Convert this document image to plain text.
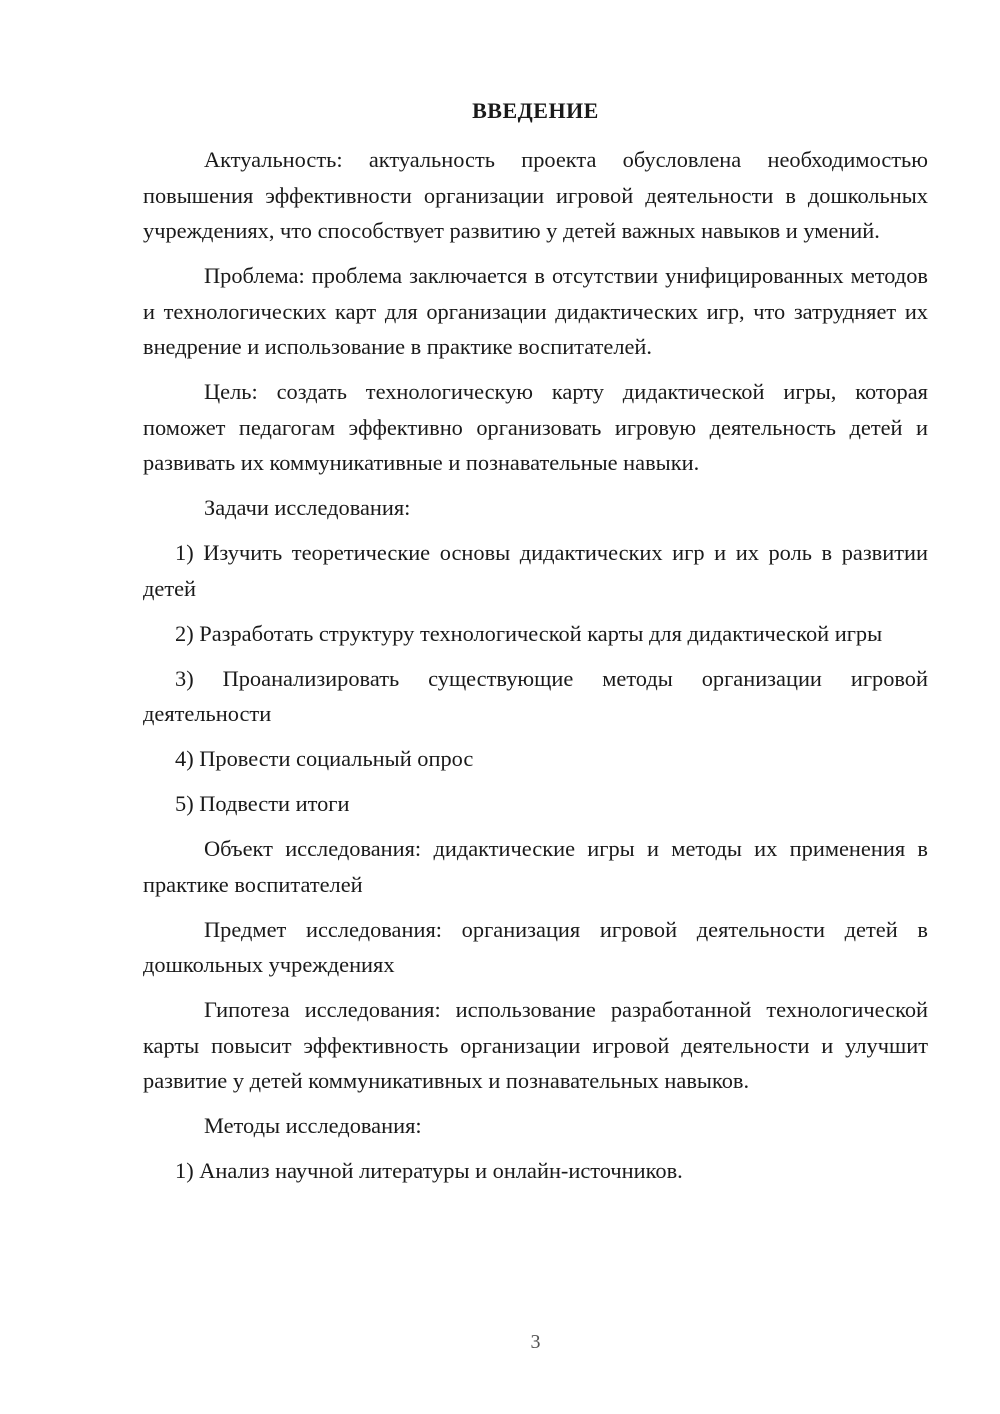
ВВЕДЕНИЕ

Актуальность: актуальность проекта обусловлена необходимостью повышения эффективности организации игровой деятельности в дошкольных учреждениях, что способствует развитию у детей важных навыков и умений.

Проблема: проблема заключается в отсутствии унифицированных методов и технологических карт для организации дидактических игр, что затрудняет их внедрение и использование в практике воспитателей.

Цель: создать технологическую карту дидактической игры, которая поможет педагогам эффективно организовать игровую деятельность детей и развивать их коммуникативные и познавательные навыки.

Задачи исследования:

1) Изучить теоретические основы дидактических игр и их роль в развитии детей

2) Разработать структуру технологической карты для дидактической игры

3) Проанализировать существующие методы организации игровой деятельности

4) Провести социальный опрос

5) Подвести итоги

Объект исследования: дидактические игры и методы их применения в практике воспитателей

Предмет исследования: организация игровой деятельности детей в дошкольных учреждениях

Гипотеза исследования: использование разработанной технологической карты повысит эффективность организации игровой деятельности и улучшит развитие у детей коммуникативных и познавательных навыков.

Методы исследования:

1) Анализ научной литературы и онлайн-источников.

3
